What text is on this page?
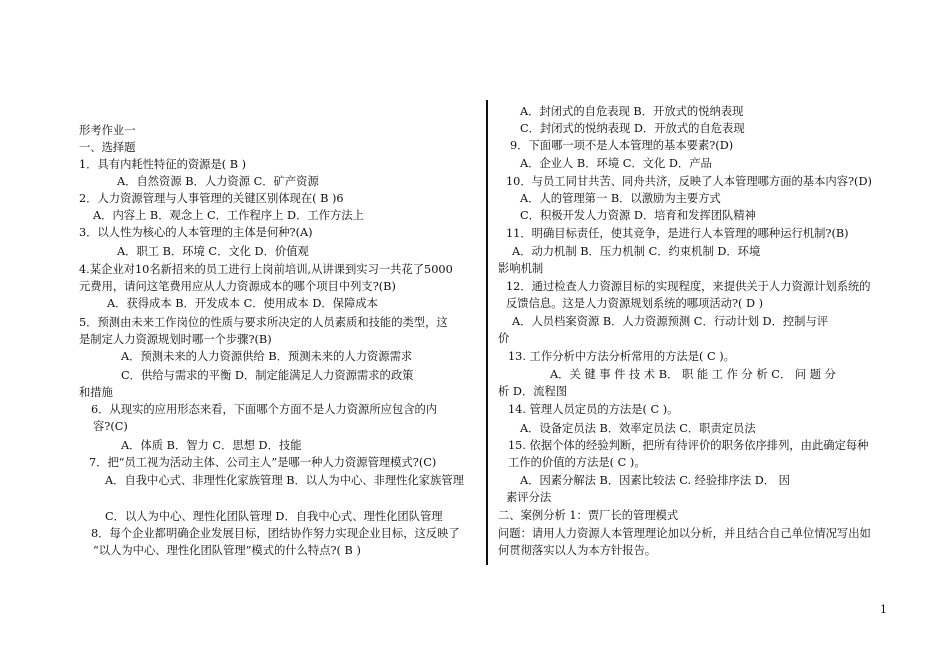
形考作业一
一、选择题
1．具有内耗性特征的资源是( B )
A．自然资源 B．人力资源 C．矿产资源
2．人力资源管理与人事管理的关键区别体现在( B )6
A．内容上 B．观念上 C．工作程序上 D．工作方法上
3．以人性为核心的人本管理的主体是何种?(A)
A．职工 B．环境 C．文化 D．价值观
4.某企业对10名新招来的员工进行上岗前培训,从讲课到实习一共花了5000
元费用，请问这笔费用应从人力资源成本的哪个项目中列支?(B)
A．获得成本 B．开发成本 C．使用成本 D．保障成本
5．预测由未来工作岗位的性质与要求所决定的人员素质和技能的类型，这
是制定人力资源规划时哪一个步骤?(B)
A．预测未来的人力资源供给 B．预测未来的人力资源需求
C．供给与需求的平衡 D．制定能满足人力资源需求的政策
和措施
6．从现实的应用形态来看，下面哪个方面不是人力资源所应包含的内
容?(C)
A．体质 B．智力 C．思想 D．技能
7．把“员工视为活动主体、公司主人”是哪一种人力资源管理模式?(C)
A．自我中心式、非理性化家族管理 B．以人为中心、非理性化家族管理
C．以人为中心、理性化团队管理 D．自我中心式、理性化团队管理
8．每个企业都明确企业发展目标，团结协作努力实现企业目标，这反映了
“以人为中心、理性化团队管理”模式的什么特点?( B )
A．封闭式的自危表现 B．开放式的悦纳表现
C．封闭式的悦纳表现 D．开放式的自危表现
9．下面哪一项不是人本管理的基本要素?(D)
A．企业人 B．环境 C．文化 D．产品
10．与员工同甘共苦、同舟共济，反映了人本管理哪方面的基本内容?(D)
A．人的管理第一 B．以激励为主要方式
C．积极开发人力资源 D．培育和发挥团队精神
11．明确目标责任，使其竞争，是进行人本管理的哪种运行机制?(B)
A．动力机制 B．压力机制 C．约束机制 D．环境
影响机制
12．通过检查人力资源目标的实现程度，来提供关于人力资源计划系统的
反馈信息。这是人力资源规划系统的哪项活动?( D )
A．人员档案资源 B．人力资源预测 C．行动计划 D．控制与评
价
13. 工作分析中方法分析常用的方法是( C )。
A．关 键 事 件 技 术 B． 职 能 工 作 分 析 C． 问 题 分
析 D．流程图
14. 管理人员定员的方法是( C )。
A．设备定员法 B．效率定员法 C．职责定员法
15. 依据个体的经验判断，把所有待评价的职务依序排列，由此确定每种
工作的价值的方法是( C )。
A．因素分解法 B．因素比较法 C. 经验排序法 D． 因
素评分法
二、案例分析 1：贾厂长的管理模式
问题：请用人力资源人本管理理论加以分析，并且结合自己单位情况写出如
何贯彻落实以人为本方针报告。
1
